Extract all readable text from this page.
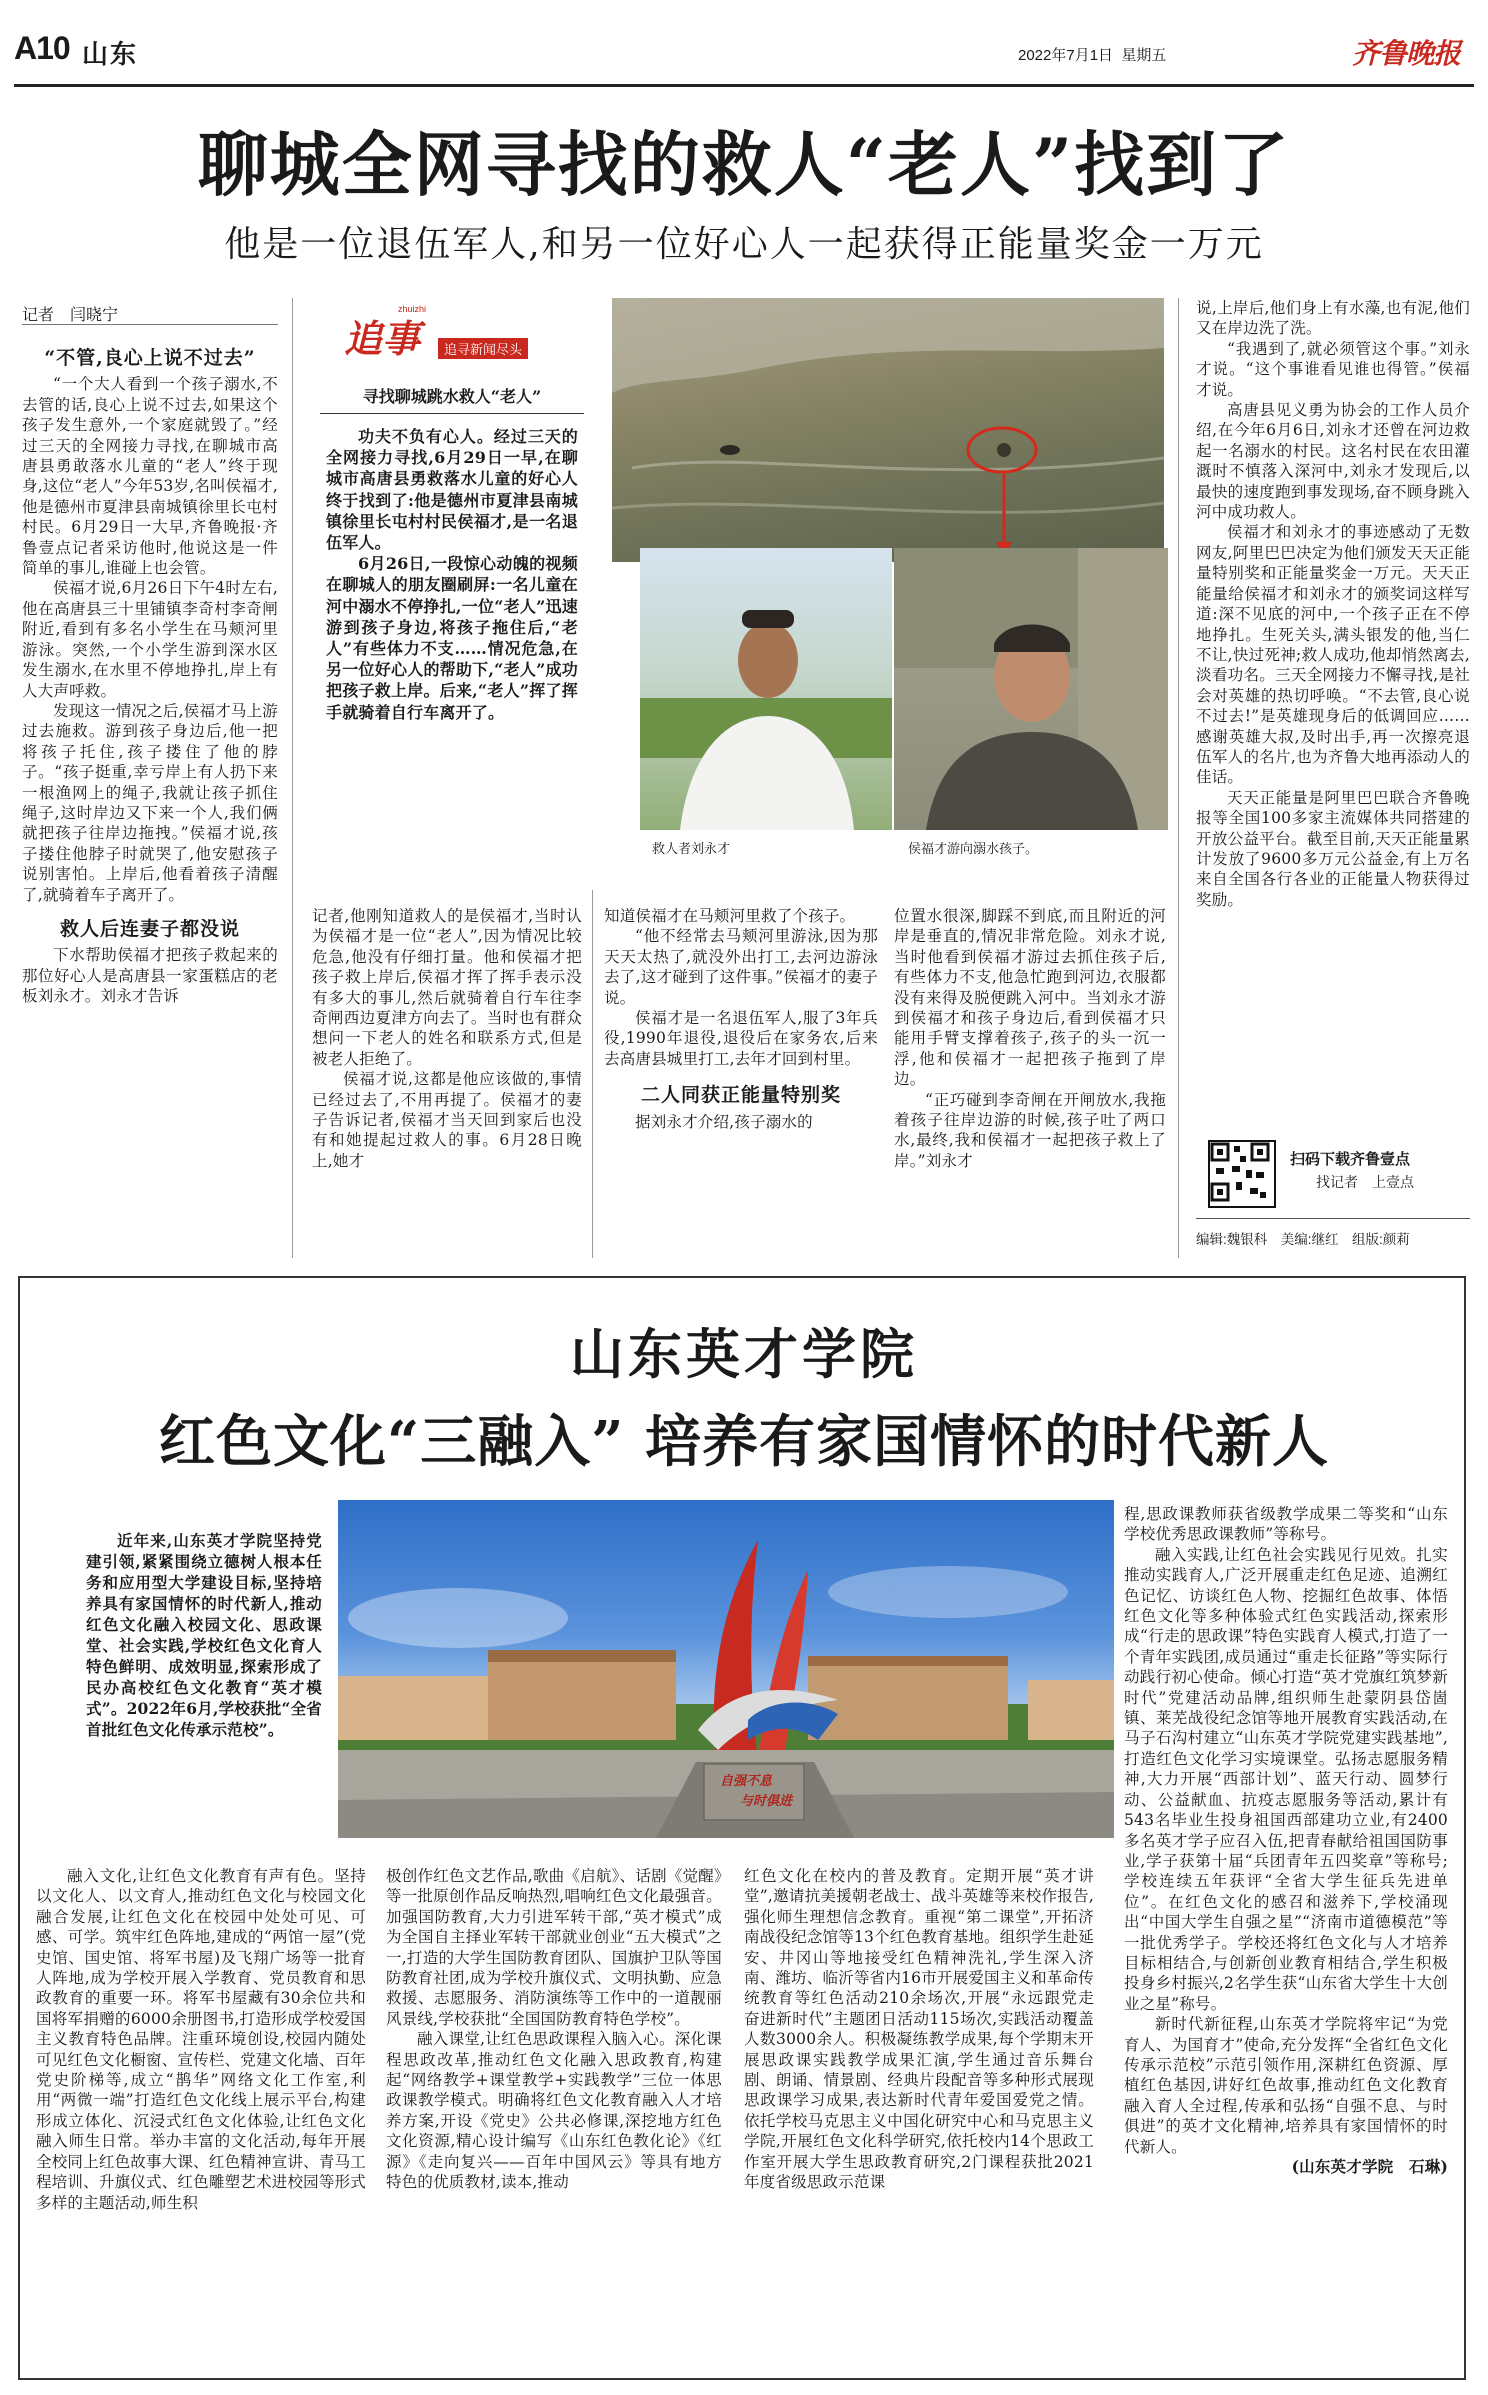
A10 山东	2022年7月1日 星期五	齐鲁晚报
聊城全网寻找的救人“老人”找到了
他是一位退伍军人,和另一位好心人一起获得正能量奖金一万元
记者　闫晓宁
“不管,良心上说不过去”

“一个大人看到一个孩子溺水,不去管的话,良心上说不过去,如果这个孩子发生意外,一个家庭就毁了。”经过三天的全网接力寻找,在聊城市高唐县勇敢落水儿童的“老人”终于现身,这位“老人”今年53岁,名叫侯福才,他是德州市夏津县南城镇徐里长屯村村民。6月29日一大早,齐鲁晚报·齐鲁壹点记者采访他时,他说这是一件简单的事儿,谁碰上也会管。

侯福才说,6月26日下午4时左右,他在高唐县三十里铺镇李奇村李奇闸附近,看到有多名小学生在马颊河里游泳。突然,一个小学生游到深水区发生溺水,在水里不停地挣扎,岸上有人大声呼救。

发现这一情况之后,侯福才马上游过去施救。游到孩子身边后,他一把将孩子托住,孩子搂住了他的脖子。“孩子挺重,幸亏岸上有人扔下来一根渔网上的绳子,我就让孩子抓住绳子,这时岸边又下来一个人,我们俩就把孩子往岸边拖拽。”侯福才说,孩子搂住他脖子时就哭了,他安慰孩子说别害怕。上岸后,他看着孩子清醒了,就骑着车子离开了。

救人后连妻子都没说

下水帮助侯福才把孩子救起来的那位好心人是高唐县一家蛋糕店的老板刘永才。刘永才告诉

zhuizhi
追事	追寻新闻尽头
寻找聊城跳水救人“老人”

功夫不负有心人。经过三天的全网接力寻找,6月29日一早,在聊城市高唐县勇救落水儿童的好心人终于找到了:他是德州市夏津县南城镇徐里长屯村村民侯福才,是一名退伍军人。

6月26日,一段惊心动魄的视频在聊城人的朋友圈刷屏:一名儿童在河中溺水不停挣扎,一位“老人”迅速游到孩子身边,将孩子拖住后,“老人”有些体力不支……情况危急,在另一位好心人的帮助下,“老人”成功把孩子救上岸。后来,“老人”挥了挥手就骑着自行车离开了。

救人者刘永才	侯福才游向溺水孩子。

记者,他刚知道救人的是侯福才,当时认为侯福才是一位“老人”,因为情况比较危急,他没有仔细打量。他和侯福才把孩子救上岸后,侯福才挥了挥手表示没有多大的事儿,然后就骑着自行车往李奇闸西边夏津方向去了。当时也有群众想问一下老人的姓名和联系方式,但是被老人拒绝了。

侯福才说,这都是他应该做的,事情已经过去了,不用再提了。侯福才的妻子告诉记者,侯福才当天回到家后也没有和她提起过救人的事。6月28日晚上,她才

知道侯福才在马颊河里救了个孩子。

“他不经常去马颊河里游泳,因为那天天太热了,就没外出打工,去河边游泳去了,这才碰到了这件事。”侯福才的妻子说。

侯福才是一名退伍军人,服了3年兵役,1990年退役,退役后在家务农,后来去高唐县城里打工,去年才回到村里。

二人同获正能量特别奖

据刘永才介绍,孩子溺水的

位置水很深,脚踩不到底,而且附近的河岸是垂直的,情况非常危险。刘永才说,当时他看到侯福才游过去抓住孩子后,有些体力不支,他急忙跑到河边,衣服都没有来得及脱便跳入河中。当刘永才游到侯福才和孩子身边后,看到侯福才只能用手臂支撑着孩子,孩子的头一沉一浮,他和侯福才一起把孩子拖到了岸边。

“正巧碰到李奇闸在开闸放水,我拖着孩子往岸边游的时候,孩子吐了两口水,最终,我和侯福才一起把孩子救上了岸。”刘永才

说,上岸后,他们身上有水藻,也有泥,他们又在岸边洗了洗。

“我遇到了,就必须管这个事。”刘永才说。“这个事谁看见谁也得管。”侯福才说。

高唐县见义勇为协会的工作人员介绍,在今年6月6日,刘永才还曾在河边救起一名溺水的村民。这名村民在农田灌溉时不慎落入深河中,刘永才发现后,以最快的速度跑到事发现场,奋不顾身跳入河中成功救人。

侯福才和刘永才的事迹感动了无数网友,阿里巴巴决定为他们颁发天天正能量特别奖和正能量奖金一万元。天天正能量给侯福才和刘永才的颁奖词这样写道:深不见底的河中,一个孩子正在不停地挣扎。生死关头,满头银发的他,当仁不让,快过死神;救人成功,他却悄然离去,淡看功名。三天全网接力不懈寻找,是社会对英雄的热切呼唤。“不去管,良心说不过去!”是英雄现身后的低调回应……感谢英雄大叔,及时出手,再一次擦亮退伍军人的名片,也为齐鲁大地再添动人的佳话。

天天正能量是阿里巴巴联合齐鲁晚报等全国100多家主流媒体共同搭建的开放公益平台。截至目前,天天正能量累计发放了9600多万元公益金,有上万名来自全国各行各业的正能量人物获得过奖励。

扫码下载齐鲁壹点
找记者　上壹点
编辑:魏银科　美编:继红　组版:颜莉
山东英才学院
红色文化“三融入” 培养有家国情怀的时代新人

近年来,山东英才学院坚持党建引领,紧紧围绕立德树人根本任务和应用型大学建设目标,坚持培养具有家国情怀的时代新人,推动红色文化融入校园文化、思政课堂、社会实践,学校红色文化育人特色鲜明、成效明显,探索形成了民办高校红色文化教育“英才模式”。2022年6月,学校获批“全省首批红色文化传承示范校”。

自强不息
与时俱进

融入文化,让红色文化教育有声有色。坚持以文化人、以文育人,推动红色文化与校园文化融合发展,让红色文化在校园中处处可见、可感、可学。筑牢红色阵地,建成的“两馆一屋”(党史馆、国史馆、将军书屋)及飞翔广场等一批育人阵地,成为学校开展入学教育、党员教育和思政教育的重要一环。将军书屋藏有30余位共和国将军捐赠的6000余册图书,打造形成学校爱国主义教育特色品牌。注重环境创设,校园内随处可见红色文化橱窗、宣传栏、党建文化墙、百年党史阶梯等,成立“鹊华”网络文化工作室,利用“两微一端”打造红色文化线上展示平台,构建形成立体化、沉浸式红色文化体验,让红色文化融入师生日常。举办丰富的文化活动,每年开展全校同上红色故事大课、红色精神宣讲、青马工程培训、升旗仪式、红色雕塑艺术进校园等形式多样的主题活动,师生积

极创作红色文艺作品,歌曲《启航》、话剧《觉醒》等一批原创作品反响热烈,唱响红色文化最强音。加强国防教育,大力引进军转干部,“英才模式”成为全国自主择业军转干部就业创业“五大模式”之一,打造的大学生国防教育团队、国旗护卫队等国防教育社团,成为学校升旗仪式、文明执勤、应急救援、志愿服务、消防演练等工作中的一道靓丽风景线,学校获批“全国国防教育特色学校”。

融入课堂,让红色思政课程入脑入心。深化课程思政改革,推动红色文化融入思政教育,构建起“网络教学+课堂教学+实践教学”三位一体思政课教学模式。明确将红色文化教育融入人才培养方案,开设《党史》公共必修课,深挖地方红色文化资源,精心设计编写《山东红色教化论》《红源》《走向复兴——百年中国风云》等具有地方特色的优质教材,读本,推动

红色文化在校内的普及教育。定期开展“英才讲堂”,邀请抗美援朝老战士、战斗英雄等来校作报告,强化师生理想信念教育。重视“第二课堂”,开拓济南战役纪念馆等13个红色教育基地。组织学生赴延安、井冈山等地接受红色精神洗礼,学生深入济南、潍坊、临沂等省内16市开展爱国主义和革命传统教育等红色活动210余场次,开展“永远跟党走　奋进新时代”主题团日活动115场次,实践活动覆盖人数3000余人。积极凝练教学成果,每个学期末开展思政课实践教学成果汇演,学生通过音乐舞台剧、朗诵、情景剧、经典片段配音等多种形式展现思政课学习成果,表达新时代青年爱国爱党之情。依托学校马克思主义中国化研究中心和马克思主义学院,开展红色文化科学研究,依托校内14个思政工作室开展大学生思政教育研究,2门课程获批2021年度省级思政示范课

程,思政课教师获省级教学成果二等奖和“山东学校优秀思政课教师”等称号。

融入实践,让红色社会实践见行见效。扎实推动实践育人,广泛开展重走红色足迹、追溯红色记忆、访谈红色人物、挖掘红色故事、体悟红色文化等多种体验式红色实践活动,探索形成“行走的思政课”特色实践育人模式,打造了一个青年实践团,成员通过“重走长征路”等实际行动践行初心使命。倾心打造“英才党旗红筑梦新时代”党建活动品牌,组织师生赴蒙阴县岱崮镇、莱芜战役纪念馆等地开展教育实践活动,在马子石沟村建立“山东英才学院党建实践基地”,打造红色文化学习实境课堂。弘扬志愿服务精神,大力开展“西部计划”、蓝天行动、圆梦行动、公益献血、抗疫志愿服务等活动,累计有543名毕业生投身祖国西部建功立业,有2400多名英才学子应召入伍,把青春献给祖国国防事业,学子获第十届“兵团青年五四奖章”等称号;学校连续五年获评“全省大学生征兵先进单位”。在红色文化的感召和滋养下,学校涌现出“中国大学生自强之星”“济南市道德模范”等一批优秀学子。学校还将红色文化与人才培养目标相结合,与创新创业教育相结合,学生积极投身乡村振兴,2名学生获“山东省大学生十大创业之星”称号。

新时代新征程,山东英才学院将牢记“为党育人、为国育才”使命,充分发挥“全省红色文化传承示范校”示范引领作用,深耕红色资源、厚植红色基因,讲好红色故事,推动红色文化教育融入育人全过程,传承和弘扬“自强不息、与时俱进”的英才文化精神,培养具有家国情怀的时代新人。

(山东英才学院　石琳)
